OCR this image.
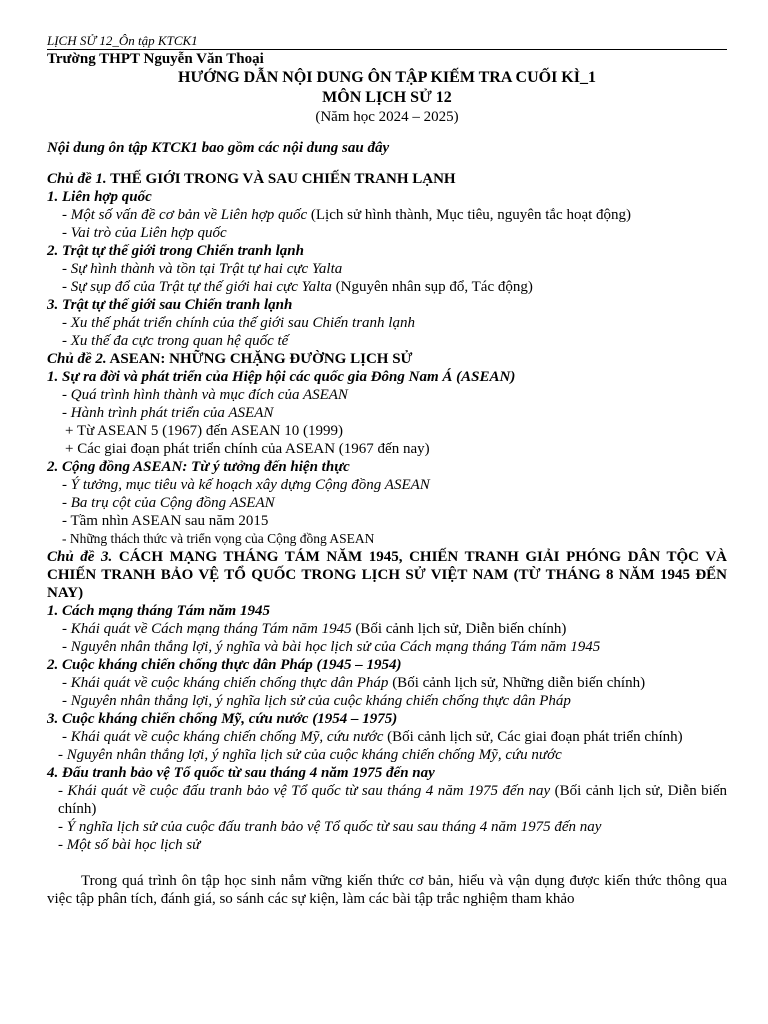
LỊCH SỬ 12_Ôn tập KTCK1
Trường THPT Nguyễn Văn Thoại
HƯỚNG DẪN NỘI DUNG ÔN TẬP KIẾM TRA CUỐI KÌ_1
MÔN LỊCH SỬ 12
(Năm học 2024 – 2025)
Nội dung ôn tập KTCK1 bao gồm các nội dung sau đây
Chủ đề 1. THẾ GIỚI TRONG VÀ SAU CHIẾN TRANH LẠNH
1. Liên hợp quốc
- Một số vấn đề cơ bản về Liên hợp quốc (Lịch sử hình thành, Mục tiêu, nguyên tắc hoạt động)
- Vai trò của Liên hợp quốc
2. Trật tự thế giới trong Chiến tranh lạnh
- Sự hình thành và tồn tại Trật tự hai cực Yalta
- Sự sụp đổ của Trật tự thế giới hai cực Yalta (Nguyên nhân sụp đổ, Tác động)
3. Trật tự thế giới sau Chiến tranh lạnh
- Xu thế phát triển chính của thế giới sau Chiến tranh lạnh
- Xu thế đa cực trong quan hệ quốc tế
Chủ đề 2. ASEAN: NHỮNG CHẶNG ĐƯỜNG LỊCH SỬ
1. Sự ra đời và phát triển của Hiệp hội các quốc gia Đông Nam Á (ASEAN)
- Quá trình hình thành và mục đích của ASEAN
- Hành trình phát triển của ASEAN
+ Từ ASEAN 5 (1967) đến ASEAN 10 (1999)
+ Các giai đoạn phát triển chính của ASEAN (1967 đến nay)
2. Cộng đồng ASEAN: Từ ý tưởng đến hiện thực
- Ý tưởng, mục tiêu và kế hoạch xây dựng Cộng đồng ASEAN
- Ba trụ cột của Cộng đồng ASEAN
- Tầm nhìn ASEAN sau năm 2015
- Những thách thức và triển vọng của Cộng đồng ASEAN
Chủ đề 3. CÁCH MẠNG THÁNG TÁM NĂM 1945, CHIẾN TRANH GIẢI PHÓNG DÂN TỘC VÀ CHIẾN TRANH BẢO VỆ TỔ QUỐC TRONG LỊCH SỬ VIỆT NAM (TỪ THÁNG 8 NĂM 1945 ĐẾN NAY)
1. Cách mạng tháng Tám năm 1945
- Khái quát về Cách mạng tháng Tám năm 1945 (Bối cảnh lịch sử, Diễn biến chính)
- Nguyên nhân thắng lợi, ý nghĩa và bài học lịch sử của Cách mạng tháng Tám năm 1945
2. Cuộc kháng chiến chống thực dân Pháp (1945 – 1954)
- Khái quát về cuộc kháng chiến chống thực dân Pháp (Bối cảnh lịch sử, Những diễn biến chính)
- Nguyên nhân thắng lợi, ý nghĩa lịch sử của cuộc kháng chiến chống thực dân Pháp
3. Cuộc kháng chiến chống Mỹ, cứu nước (1954 – 1975)
- Khái quát về cuộc kháng chiến chống Mỹ, cứu nước (Bối cảnh lịch sử, Các giai đoạn phát triển chính)
- Nguyên nhân thắng lợi, ý nghĩa lịch sử của cuộc kháng chiến chống Mỹ, cứu nước
4. Đấu tranh bảo vệ Tổ quốc từ sau tháng 4 năm 1975 đến nay
- Khái quát về cuộc đấu tranh bảo vệ Tổ quốc từ sau tháng 4 năm 1975 đến nay (Bối cảnh lịch sử, Diễn biến chính)
- Ý nghĩa lịch sử của cuộc đấu tranh bảo vệ Tổ quốc từ sau sau tháng 4 năm 1975 đến nay
- Một số bài học lịch sử
Trong quá trình ôn tập học sinh nắm vững kiến thức cơ bản, hiểu và vận dụng được kiến thức thông qua việc tập phân tích, đánh giá, so sánh các sự kiện, làm các bài tập trắc nghiệm tham khảo
